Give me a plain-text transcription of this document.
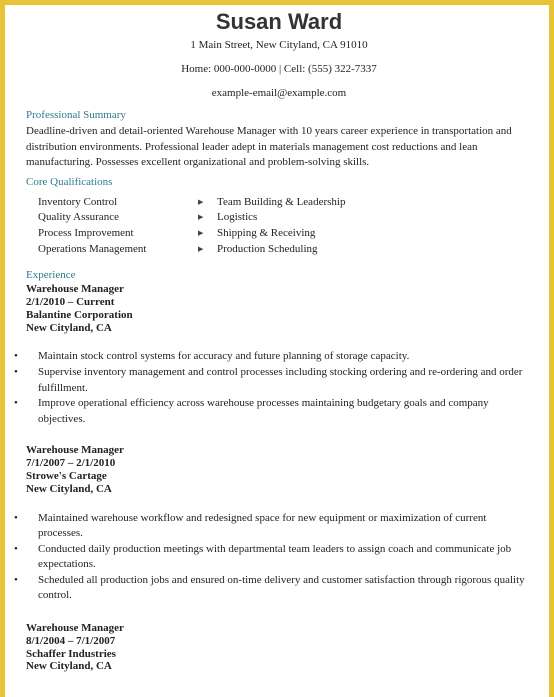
Susan Ward
1 Main Street, New Cityland, CA 91010
Home: 000-000-0000 | Cell: (555) 322-7337
example-email@example.com
Professional Summary
Deadline-driven and detail-oriented Warehouse Manager with 10 years career experience in transportation and distribution environments. Professional leader adept in materials management cost reductions and lean manufacturing. Possesses excellent organizational and problem-solving skills.
Core Qualifications
Inventory Control
Quality Assurance
Process Improvement
Operations Management
▶ Team Building & Leadership
▶ Logistics
▶ Shipping & Receiving
▶ Production Scheduling
Experience
Warehouse Manager
2/1/2010 – Current
Balantine Corporation
New Cityland, CA
• Maintain stock control systems for accuracy and future planning of storage capacity.
• Supervise inventory management and control processes including stocking ordering and re-ordering and order fulfillment.
• Improve operational efficiency across warehouse processes maintaining budgetary goals and company objectives.
Warehouse Manager
7/1/2007 – 2/1/2010
Strowe's Cartage
New Cityland, CA
• Maintained warehouse workflow and redesigned space for new equipment or maximization of current processes.
• Conducted daily production meetings with departmental team leaders to assign coach and communicate job expectations.
• Scheduled all production jobs and ensured on-time delivery and customer satisfaction through rigorous quality control.
Warehouse Manager
8/1/2004 – 7/1/2007
Schaffer Industries
New Cityland, CA
